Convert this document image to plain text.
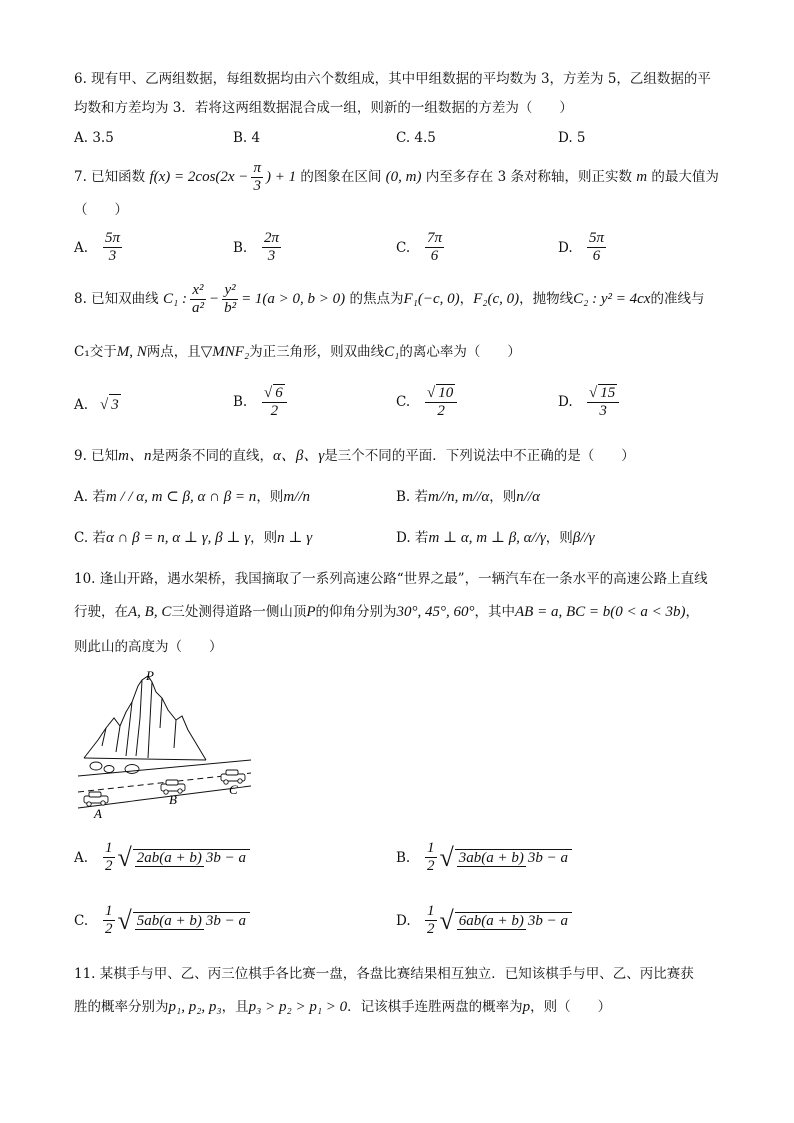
6. 现有甲、乙两组数据，每组数据均由六个数组成，其中甲组数据的平均数为 3，方差为 5，乙组数据的平
均数和方差均为 3．若将这两组数据混合成一组，则新的一组数据的方差为（　　）
A. 3.5	B. 4	C. 4.5	D. 5
7. 已知函数 $f(x) = 2\cos(2x - \frac{\pi}{3}$ ) + 1 的图象在区间 (0, m) 内至多存在 3 条对称轴，则正实数 m 的最大值为
（　　）
A. $\frac{5\pi}{3}$	B. $\frac{2\pi}{3}$	C. $\frac{7\pi}{6}$	D. $\frac{5\pi}{6}$
8. 已知双曲线 C₁ : $\frac{\text{x²}}{\text{a²}} - \frac{\text{y²}}{\text{b²}} = 1(a > 0$, b > 0) 的焦点为F₁(−c, 0)，F₂(c, 0)，抛物线C₂ : y² = 4cx的准线与
C₁交于M, N两点，且▽MNF₂为正三角形，则双曲线C₁的离心率为（　　）
A. √ 3	B. $\frac{√ 6}{2}$	C. $\frac{√ 10}{2}$	D. $\frac{√ 15}{3}$
9. 已知m、n是两条不同的直线，α、β、γ是三个不同的平面．下列说法中不正确的是（　　）
A. 若m / / α, m ⊂ β, α ∩ β = n，则m//n	B. 若m//n, m//α，则n//α
C. 若α ∩ β = n, α ⊥ γ, β ⊥ γ，则n ⊥ γ	D. 若m ⊥ α, m ⊥ β, α//γ，则β//γ
10. 逢山开路，遇水架桥，我国摘取了一系列高速公路“世界之最”，一辆汽车在一条水平的高速公路上直线
行驶，在A, B, C三处测得道路一侧山顶P的仰角分别为30°, 45°, 60°，其中AB = a, BC = b(0 < a < 3b)，
则此山的高度为（　　）
P
A
B
C
A. $\frac{1}{2}$ √ 2ab(a + b) 3b − a	B. $\frac{1}{2}$ √ 3ab(a + b) 3b − a
C. $\frac{1}{2}$ √ 5ab(a + b) 3b − a	D. $\frac{1}{2}$ √ 6ab(a + b) 3b − a
11. 某棋手与甲、乙、丙三位棋手各比赛一盘，各盘比赛结果相互独立．已知该棋手与甲、乙、丙比赛获
胜的概率分别为p₁, p₂, p₃，且p₃ > p₂ > p₁ > 0．记该棋手连胜两盘的概率为p，则（　　）
